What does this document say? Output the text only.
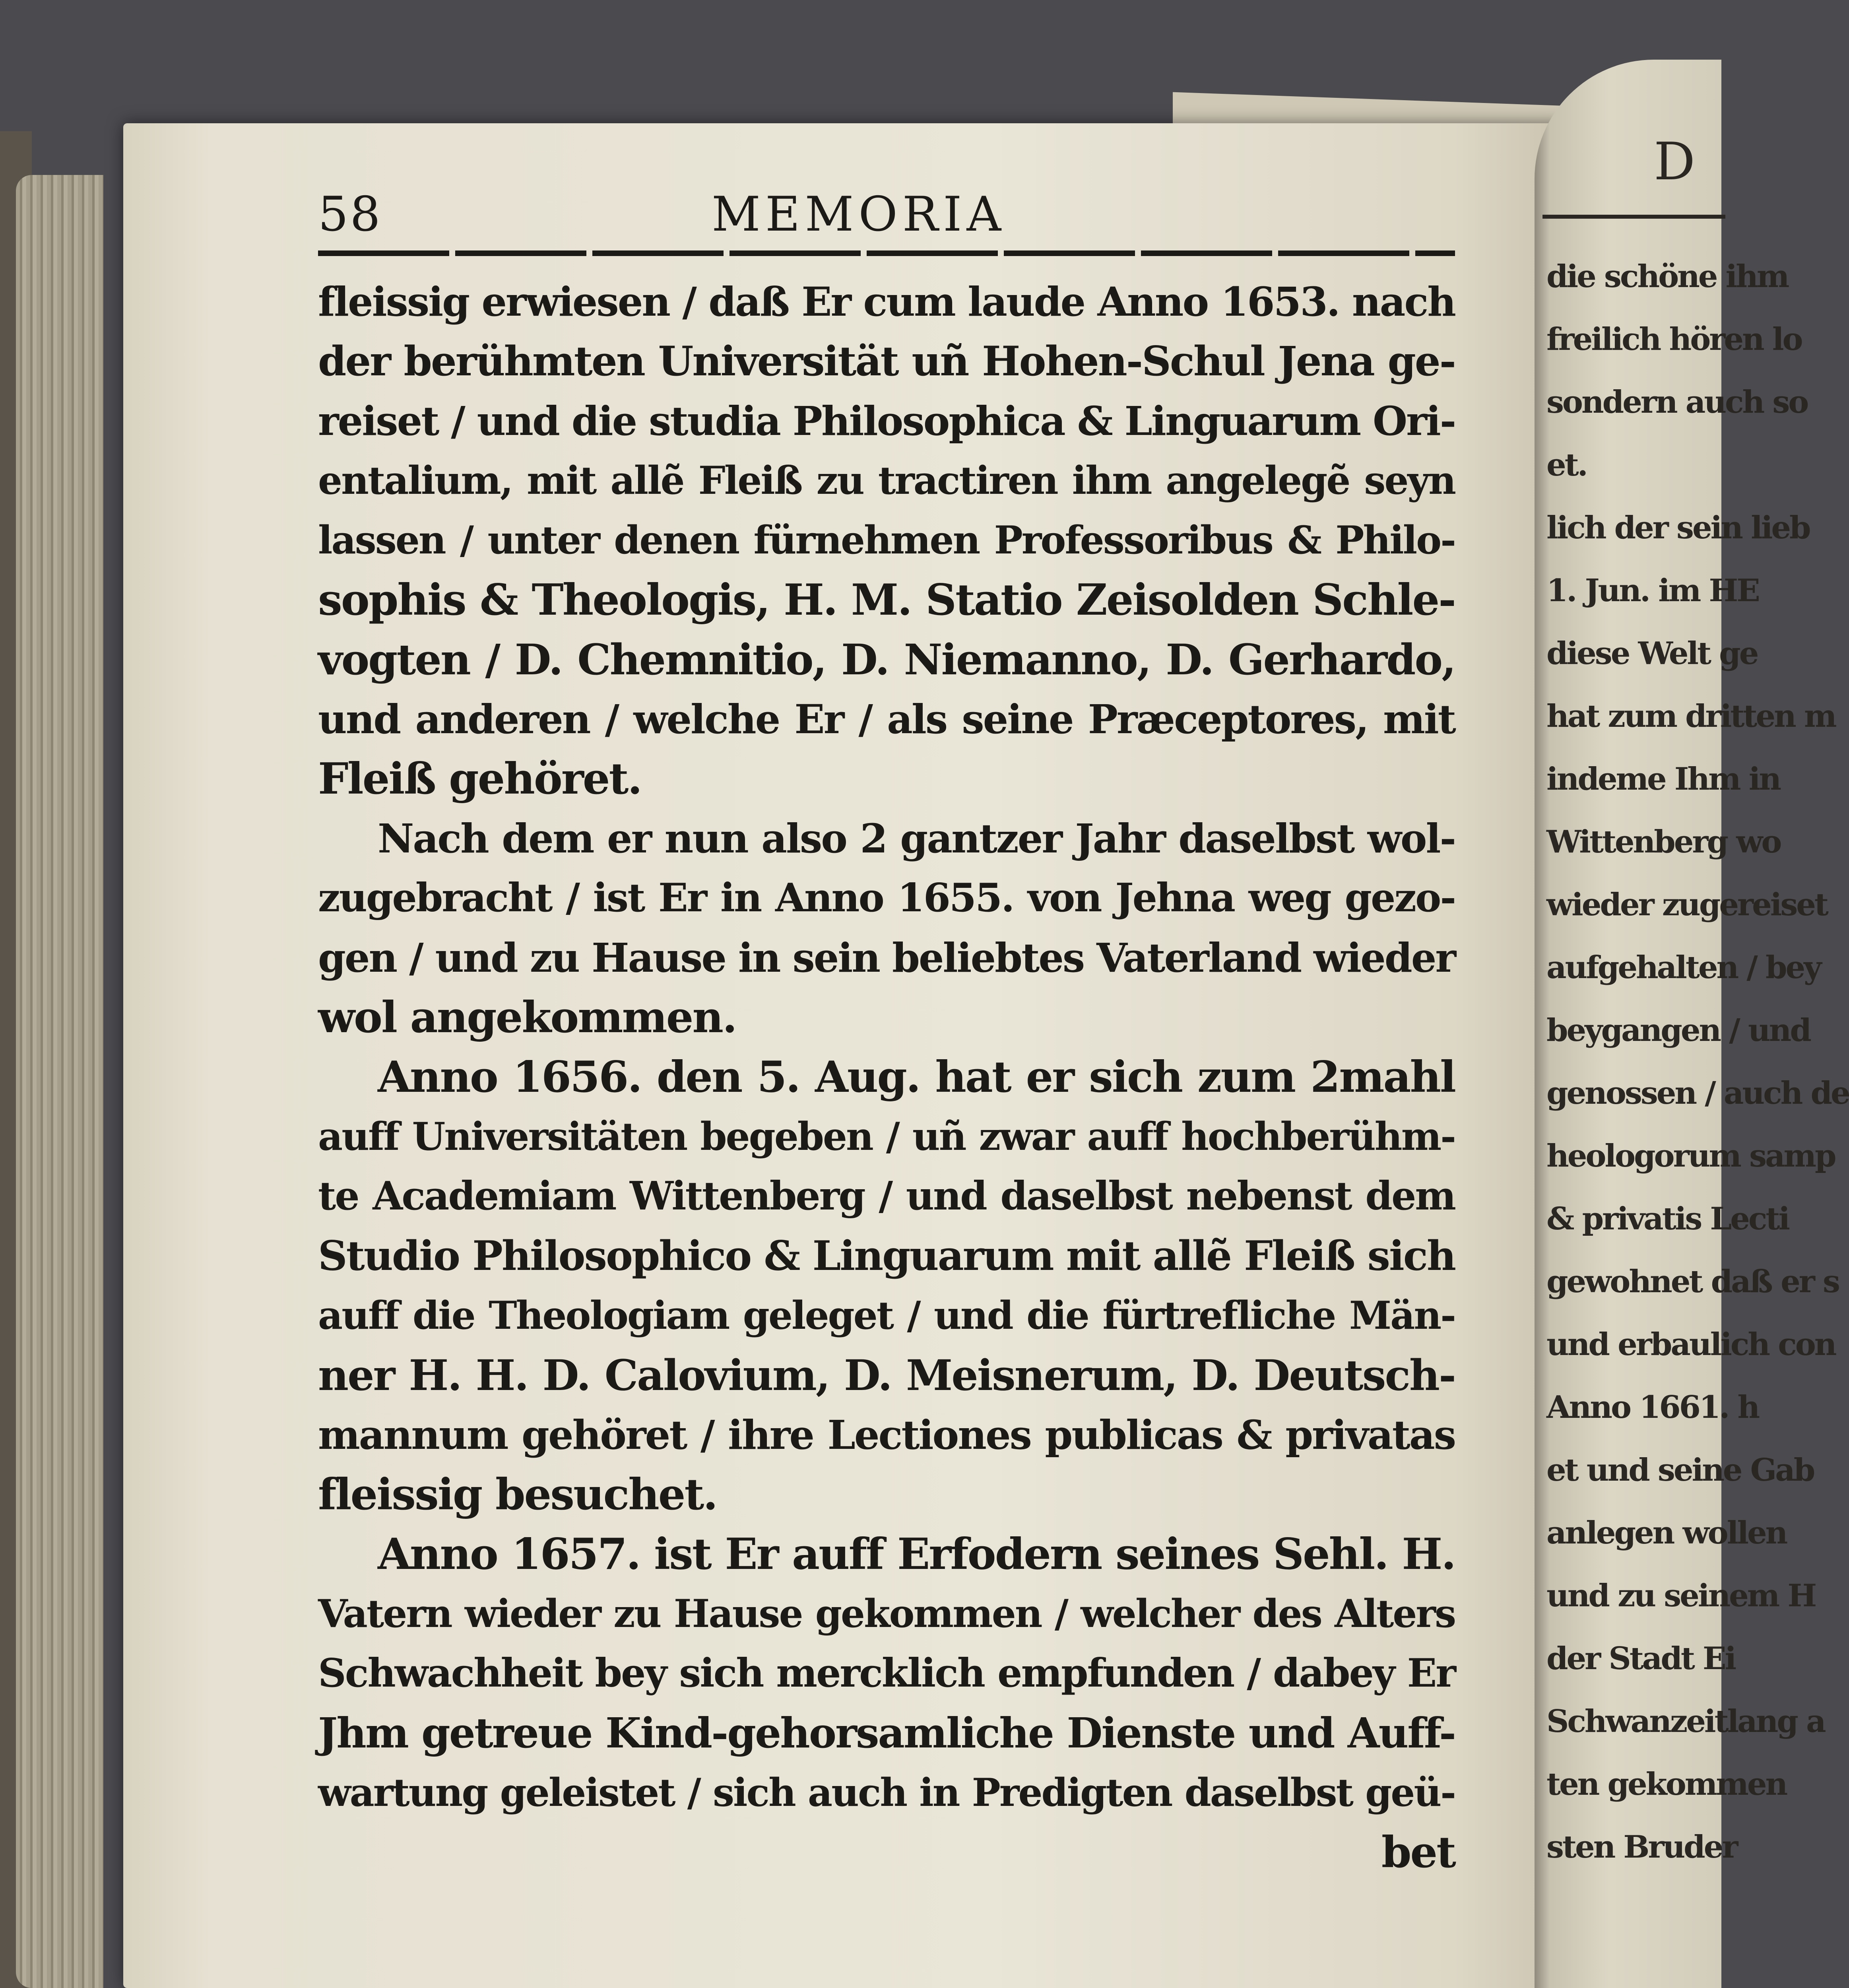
D
die schöne ihm
freilich hören lo
sondern auch so
et.
lich der sein lieb
1. Jun. im HE
diese Welt ge
hat zum dritten m
indeme Ihm in
Wittenberg wo
wieder zugereiset
aufgehalten / bey
beygangen / und
genossen / auch de
heologorum samp
& privatis Lecti
gewohnet daß er s
und erbaulich con
Anno 1661. h
et und seine Gab
anlegen wollen
und zu seinem H
der Stadt Ei
Schwanzeitlang a
ten gekommen
sten Bruder
58	MEMORIA
fleissig erwiesen / daß Er cum laude Anno 1653. nach
der berühmten Universität uñ Hohen-Schul Jena ge-
reiset / und die studia Philosophica & Linguarum Ori-
entalium, mit allẽ Fleiß zu tractiren ihm angelegẽ seyn
lassen / unter denen fürnehmen Professoribus & Philo-
sophis & Theologis, H. M. Statio Zeisolden Schle-
vogten / D. Chemnitio, D. Niemanno, D. Gerhardo,
und anderen / welche Er / als seine Præceptores, mit
Fleiß gehöret.
Nach dem er nun also 2 gantzer Jahr daselbst wol-
zugebracht / ist Er in Anno 1655. von Jehna weg gezo-
gen / und zu Hause in sein beliebtes Vaterland wieder
wol angekommen.
Anno 1656. den 5. Aug. hat er sich zum 2mahl
auff Universitäten begeben / uñ zwar auff hochberühm-
te Academiam Wittenberg / und daselbst nebenst dem
Studio Philosophico & Linguarum mit allẽ Fleiß sich
auff die Theologiam geleget / und die fürtrefliche Män-
ner H. H. D. Calovium, D. Meisnerum, D. Deutsch-
mannum gehöret / ihre Lectiones publicas & privatas
fleissig besuchet.
Anno 1657. ist Er auff Erfodern seines Sehl. H.
Vatern wieder zu Hause gekommen / welcher des Alters
Schwachheit bey sich mercklich empfunden / dabey Er
Jhm getreue Kind-gehorsamliche Dienste und Auff-
wartung geleistet / sich auch in Predigten daselbst geü-
bet
